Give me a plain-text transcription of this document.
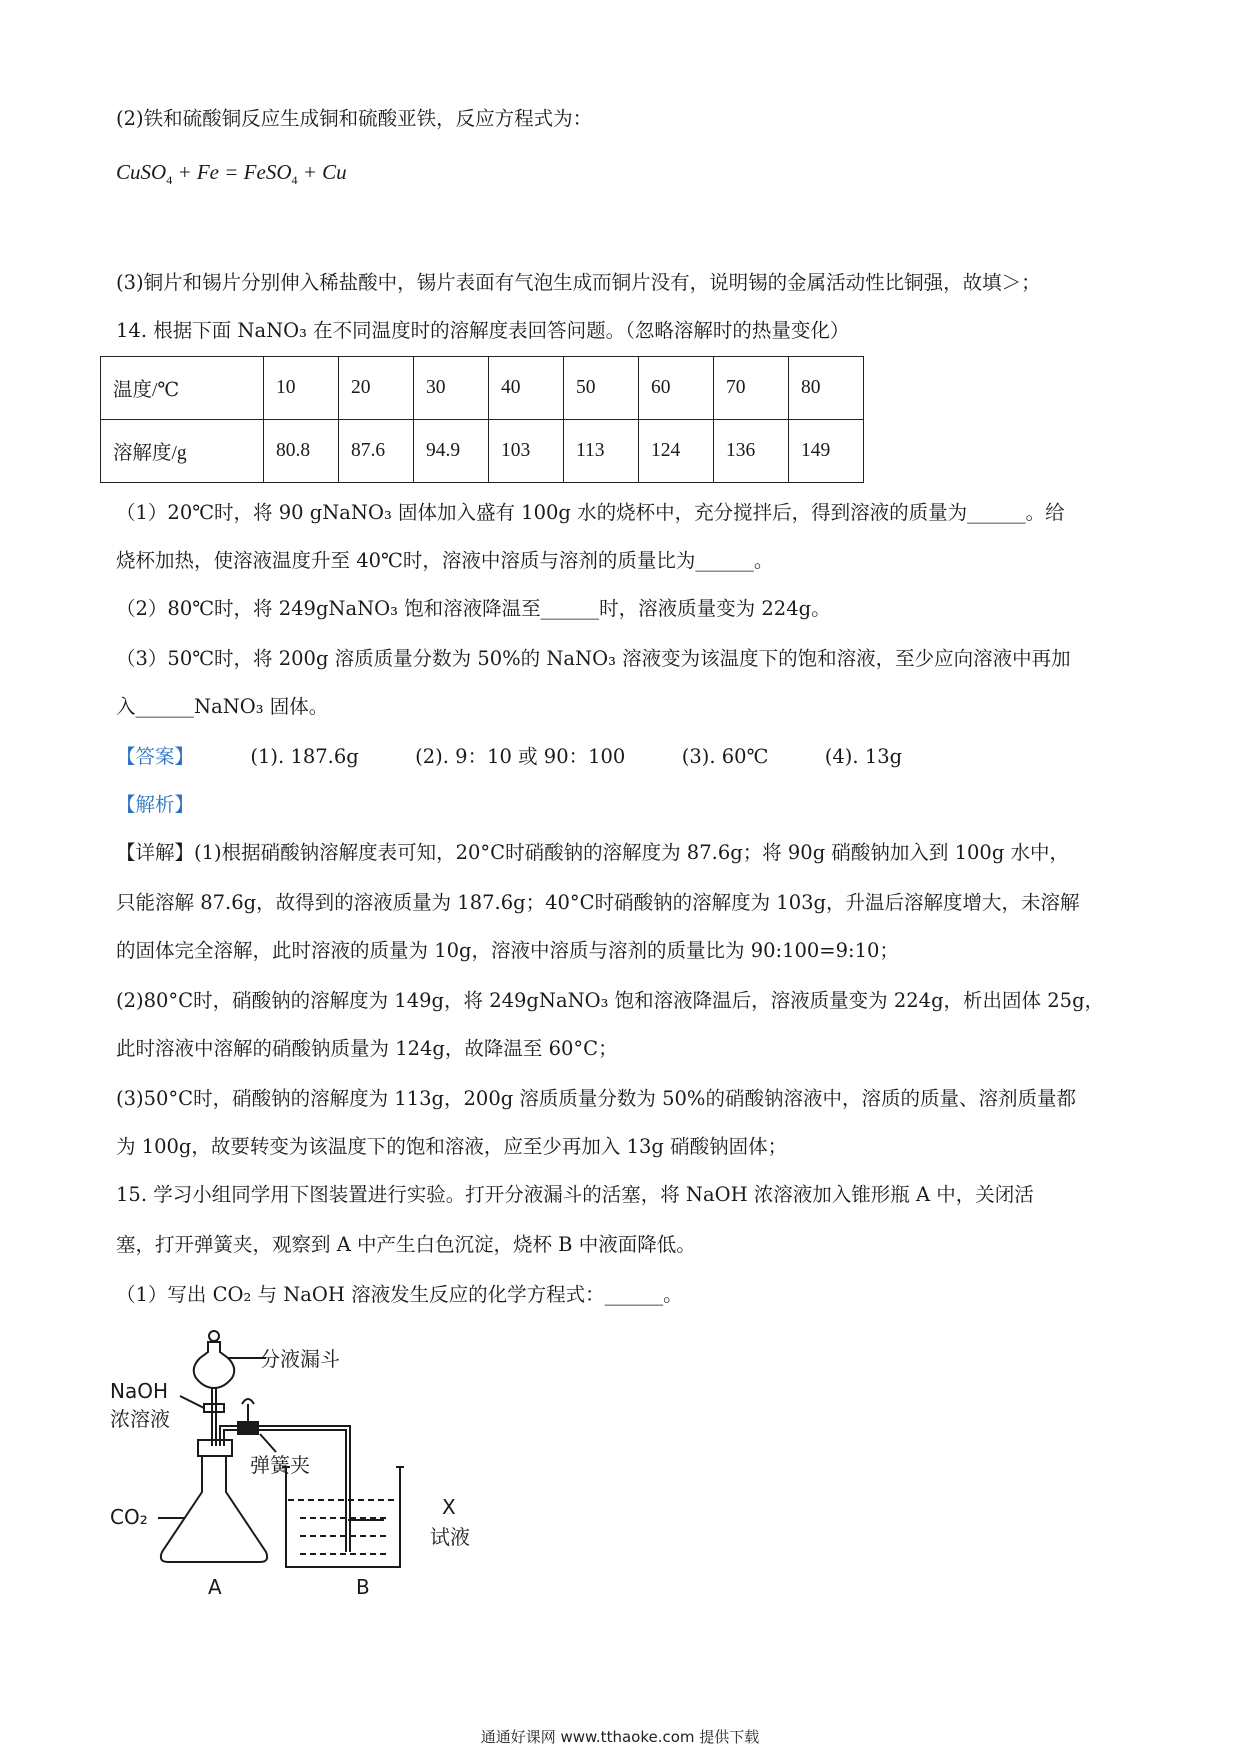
(2)铁和硫酸铜反应生成铜和硫酸亚铁，反应方程式为：
CuSO$_4$ + Fe = FeSO$_4$ + Cu
(3)铜片和锡片分别伸入稀盐酸中，锡片表面有气泡生成而铜片没有，说明锡的金属活动性比铜强，故填＞；
14. 根据下面 NaNO₃ 在不同温度时的溶解度表回答问题。（忽略溶解时的热量变化）
温度/℃	10	20	30	40	50	60	70	80
溶解度/g	80.8	87.6	94.9	103	113	124	136	149
（1）20℃时，将 90 gNaNO₃ 固体加入盛有 100g 水的烧杯中，充分搅拌后，得到溶液的质量为______。给
烧杯加热，使溶液温度升至 40℃时，溶液中溶质与溶剂的质量比为______。
（2）80℃时，将 249gNaNO₃ 饱和溶液降温至______时，溶液质量变为 224g。
（3）50℃时，将 200g 溶质质量分数为 50%的 NaNO₃ 溶液变为该温度下的饱和溶液，至少应向溶液中再加
入______NaNO₃ 固体。
【答案】	(1). 187.6g	(2). 9：10 或 90：100	(3). 60℃	(4). 13g
【解析】
【详解】(1)根据硝酸钠溶解度表可知，20°C时硝酸钠的溶解度为 87.6g；将 90g 硝酸钠加入到 100g 水中，
只能溶解 87.6g，故得到的溶液质量为 187.6g；40°C时硝酸钠的溶解度为 103g，升温后溶解度增大，未溶解
的固体完全溶解，此时溶液的质量为 10g，溶液中溶质与溶剂的质量比为 90:100=9:10；
(2)80°C时，硝酸钠的溶解度为 149g，将 249gNaNO₃ 饱和溶液降温后，溶液质量变为 224g，析出固体 25g，
此时溶液中溶解的硝酸钠质量为 124g，故降温至 60°C；
(3)50°C时，硝酸钠的溶解度为 113g，200g 溶质质量分数为 50%的硝酸钠溶液中，溶质的质量、溶剂质量都
为 100g，故要转变为该温度下的饱和溶液，应至少再加入 13g 硝酸钠固体；
15. 学习小组同学用下图装置进行实验。打开分液漏斗的活塞，将 NaOH 浓溶液加入锥形瓶 A 中，关闭活
塞，打开弹簧夹，观察到 A 中产生白色沉淀，烧杯 B 中液面降低。
（1）写出 CO₂ 与 NaOH 溶液发生反应的化学方程式：______。
分液漏斗
NaOH
浓溶液
弹簧夹
CO₂	X
试液
A	B
通通好课网 www.tthaoke.com 提供下载
